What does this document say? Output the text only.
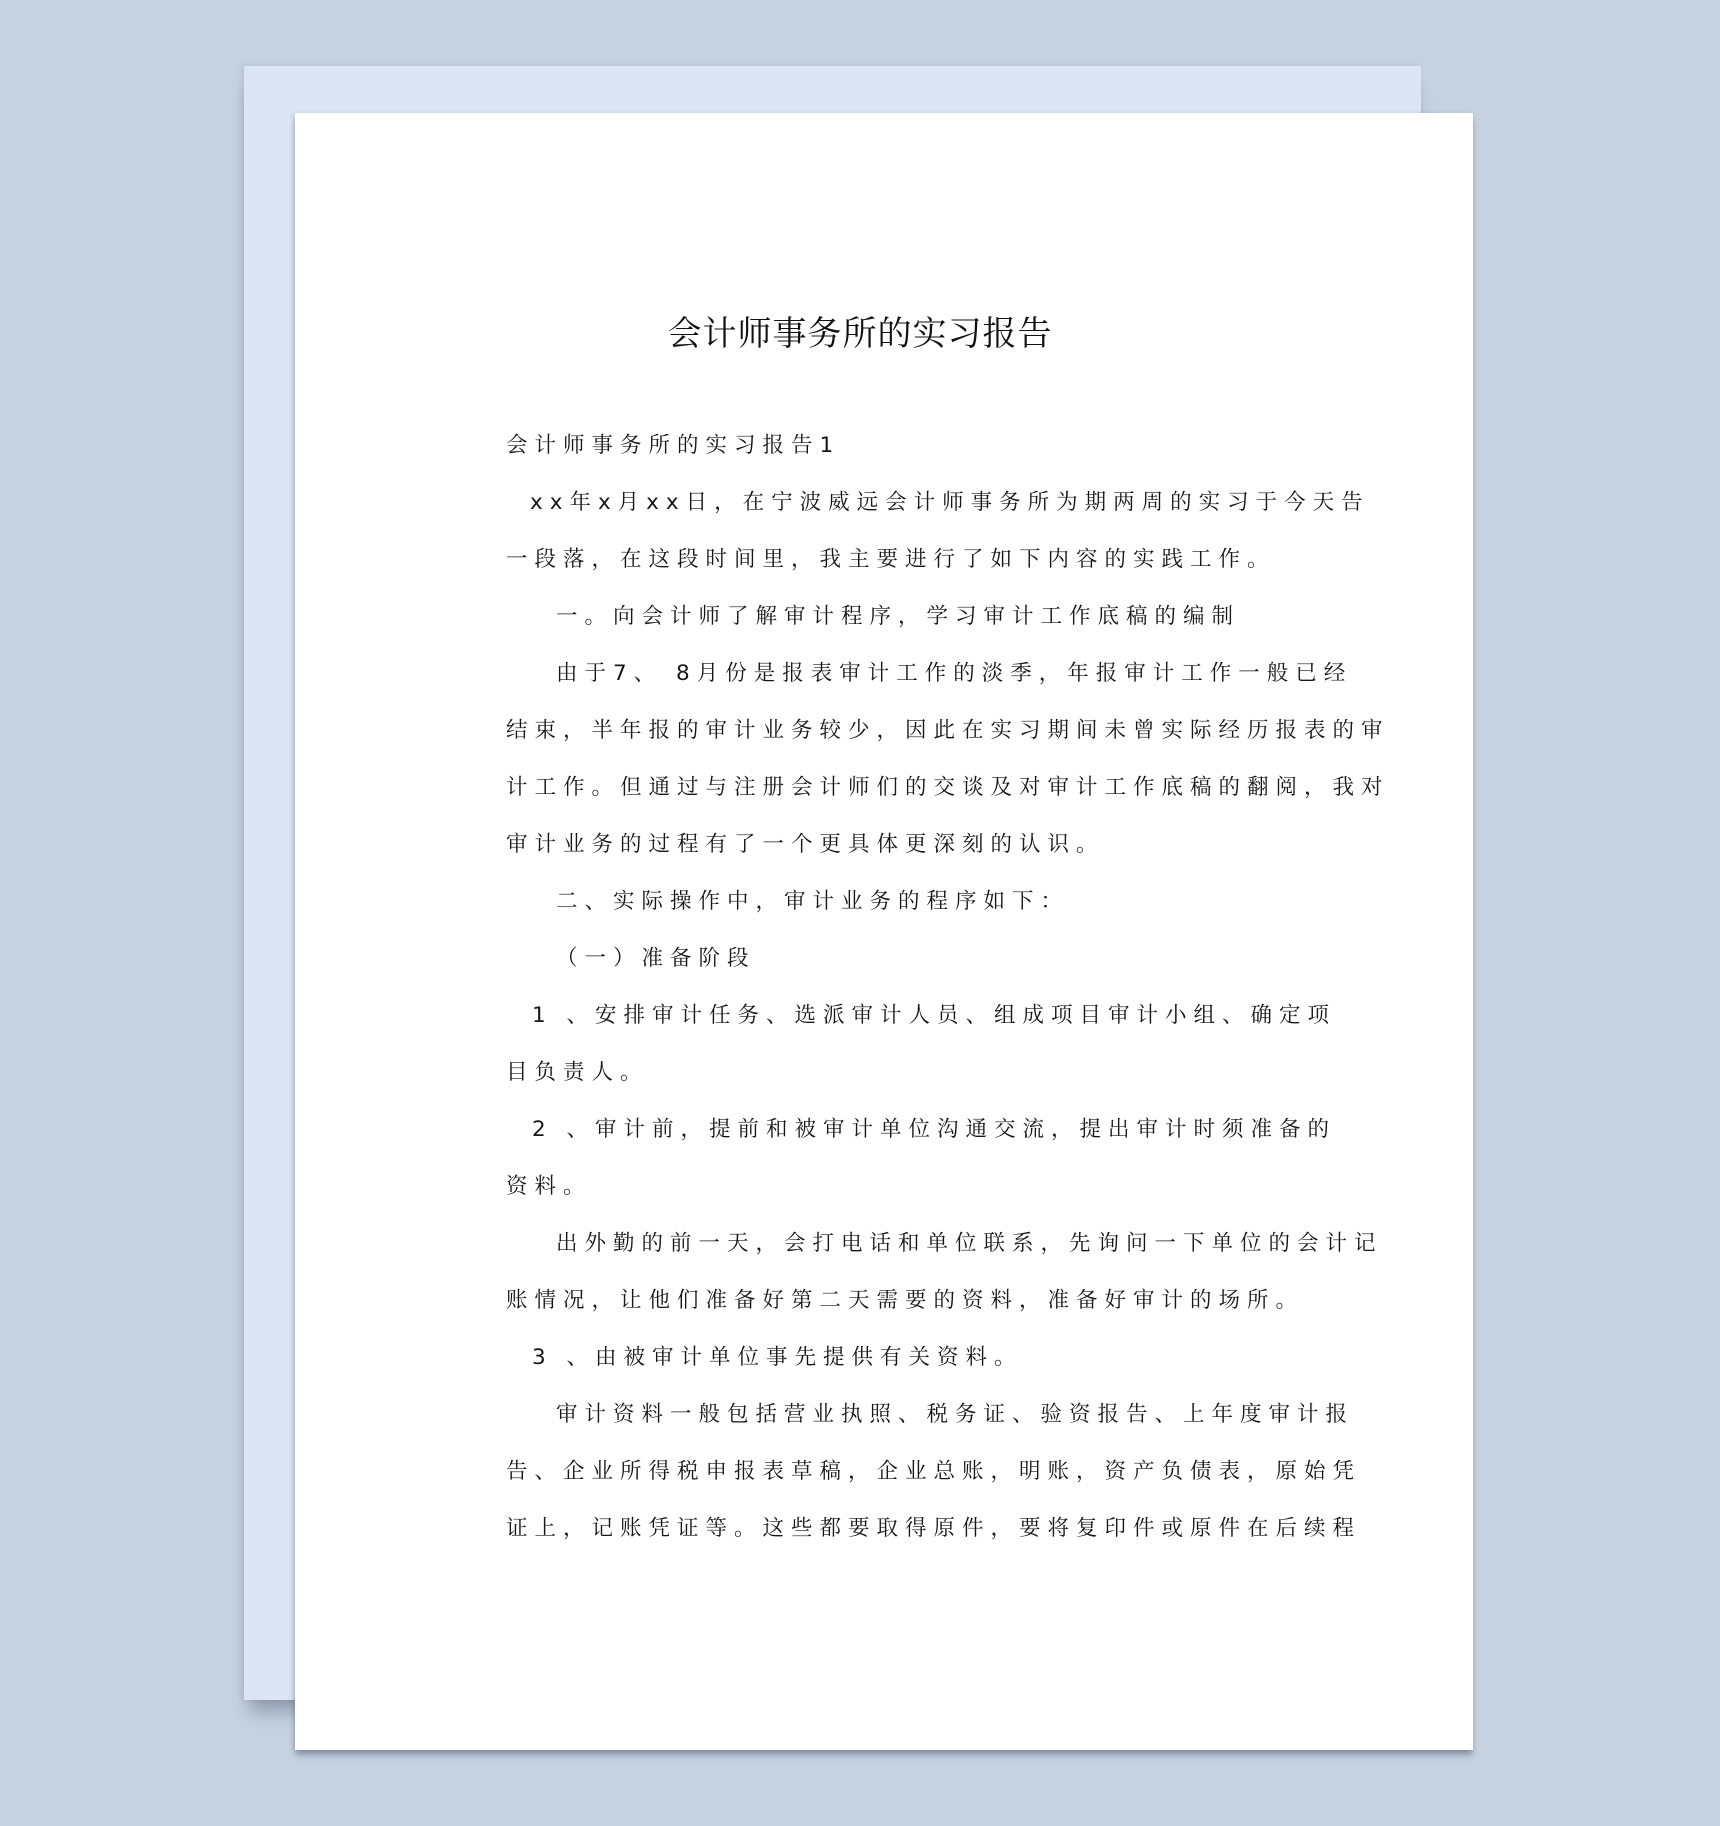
会计师事务所的实习报告
会计师事务所的实习报告1
xx年x月xx日，在宁波威远会计师事务所为期两周的实习于今天告
一段落，在这段时间里，我主要进行了如下内容的实践工作。
一。向会计师了解审计程序，学习审计工作底稿的编制
由于7、 8月份是报表审计工作的淡季，年报审计工作一般已经
结束，半年报的审计业务较少，因此在实习期间未曾实际经历报表的审
计工作。但通过与注册会计师们的交谈及对审计工作底稿的翻阅，我对
审计业务的过程有了一个更具体更深刻的认识。
二、实际操作中，审计业务的程序如下：
（一）准备阶段
1 、安排审计任务、选派审计人员、组成项目审计小组、确定项
目负责人。
2 、审计前，提前和被审计单位沟通交流，提出审计时须准备的
资料。
出外勤的前一天，会打电话和单位联系，先询问一下单位的会计记
账情况，让他们准备好第二天需要的资料，准备好审计的场所。
3 、由被审计单位事先提供有关资料。
审计资料一般包括营业执照、税务证、验资报告、上年度审计报
告、企业所得税申报表草稿，企业总账，明账，资产负债表，原始凭
证上，记账凭证等。这些都要取得原件，要将复印件或原件在后续程
